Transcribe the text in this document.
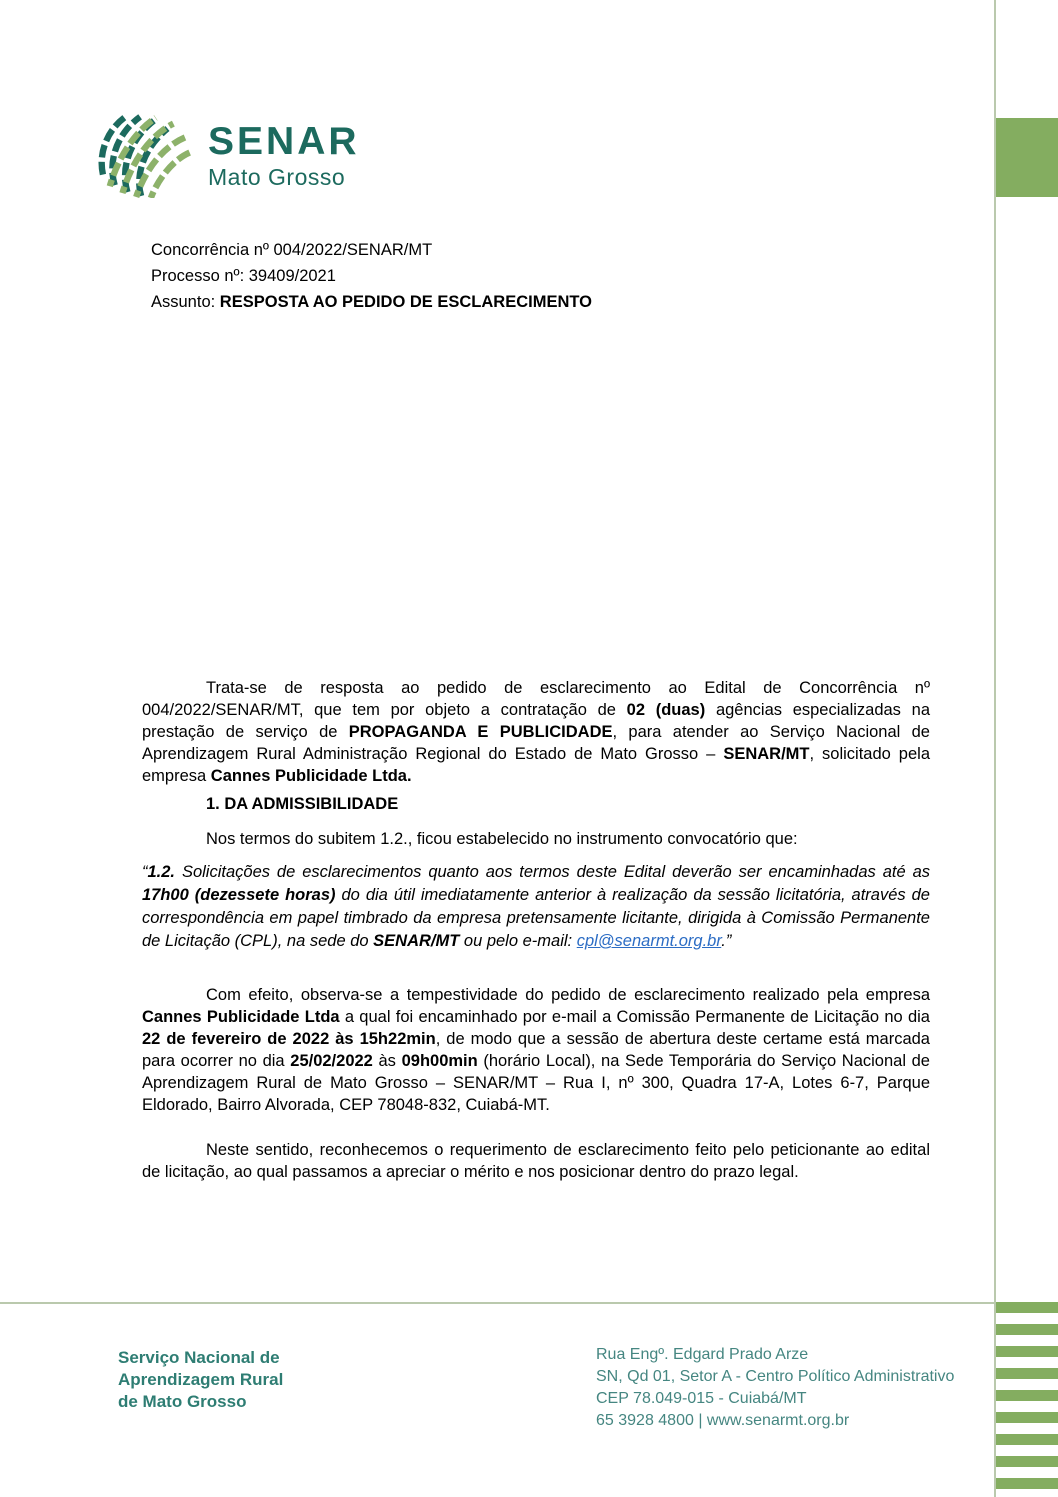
SENAR
Mato Grosso
Concorrência nº 004/2022/SENAR/MT
Processo nº: 39409/2021
Assunto: RESPOSTA AO PEDIDO DE ESCLARECIMENTO
Trata-se de resposta ao pedido de esclarecimento ao Edital de Concorrência nº 004/2022/SENAR/MT, que tem por objeto a contratação de 02 (duas) agências especializadas na prestação de serviço de PROPAGANDA E PUBLICIDADE, para atender ao Serviço Nacional de Aprendizagem Rural Administração Regional do Estado de Mato Grosso – SENAR/MT, solicitado pela empresa Cannes Publicidade Ltda.
1. DA ADMISSIBILIDADE
Nos termos do subitem 1.2., ficou estabelecido no instrumento convocatório que:
“1.2. Solicitações de esclarecimentos quanto aos termos deste Edital deverão ser encaminhadas até as 17h00 (dezessete horas) do dia útil imediatamente anterior à realização da sessão licitatória, através de correspondência em papel timbrado da empresa pretensamente licitante, dirigida à Comissão Permanente de Licitação (CPL), na sede do SENAR/MT ou pelo e-mail: cpl@senarmt.org.br.”
Com efeito, observa-se a tempestividade do pedido de esclarecimento realizado pela empresa Cannes Publicidade Ltda a qual foi encaminhado por e-mail a Comissão Permanente de Licitação no dia 22 de fevereiro de 2022 às 15h22min, de modo que a sessão de abertura deste certame está marcada para ocorrer no dia 25/02/2022 às 09h00min (horário Local), na Sede Temporária do Serviço Nacional de Aprendizagem Rural de Mato Grosso – SENAR/MT – Rua I, nº 300, Quadra 17-A, Lotes 6-7, Parque Eldorado, Bairro Alvorada, CEP 78048-832, Cuiabá-MT.
Neste sentido, reconhecemos o requerimento de esclarecimento feito pelo peticionante ao edital de licitação, ao qual passamos a apreciar o mérito e nos posicionar dentro do prazo legal.
Serviço Nacional de
Aprendizagem Rural
de Mato Grosso
Rua Engº. Edgard Prado Arze
SN, Qd 01, Setor A - Centro Político Administrativo
CEP 78.049-015 - Cuiabá/MT
65 3928 4800 | www.senarmt.org.br
